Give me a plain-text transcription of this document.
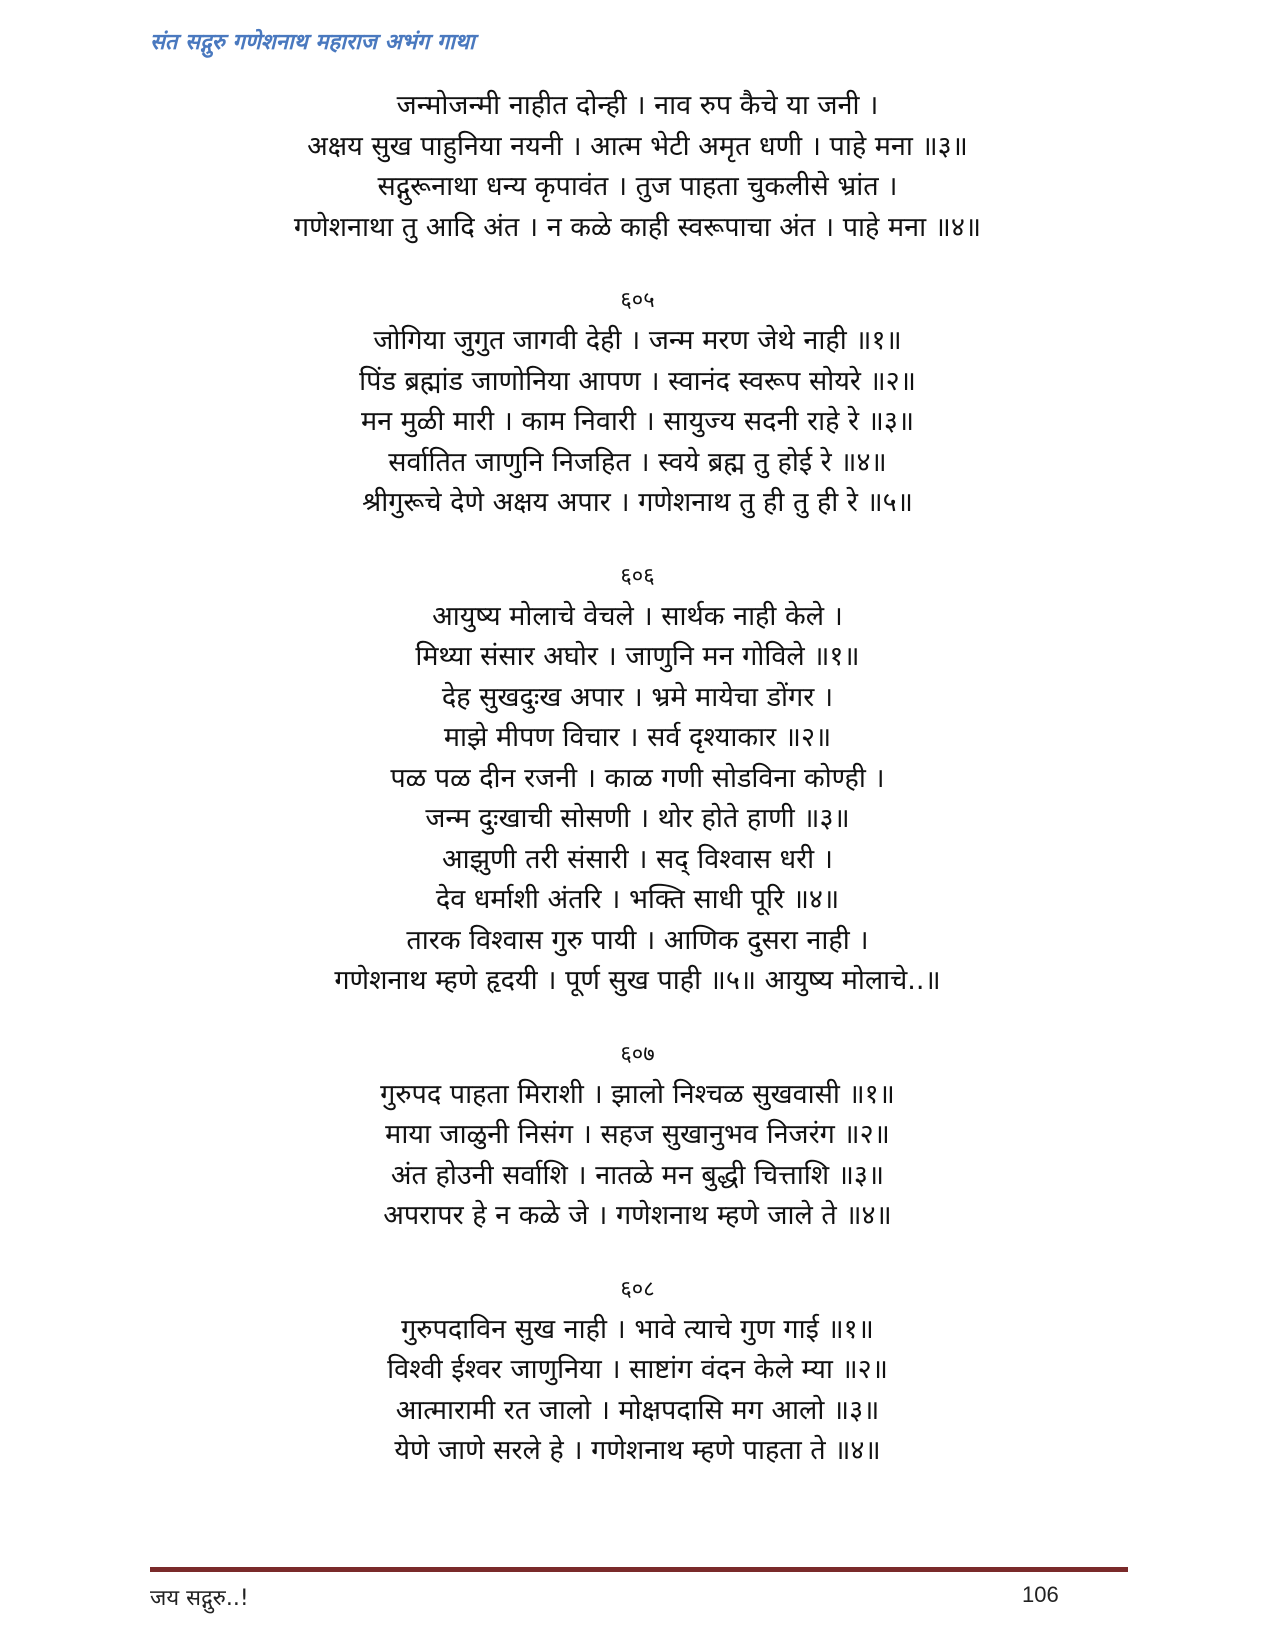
संत सद्गुरु गणेशनाथ महाराज अभंग गाथा
जन्मोजन्मी नाहीत दोन्ही । नाव रुप कैचे या जनी ।
अक्षय सुख पाहुनिया नयनी । आत्म भेटी अमृत धणी । पाहे मना ॥३॥
सद्गुरूनाथा धन्य कृपावंत । तुज पाहता चुकलीसे भ्रांत ।
गणेशनाथा तु आदि अंत । न कळे काही स्वरूपाचा अंत । पाहे मना ॥४॥
६०५
जोगिया जुगुत जागवी देही । जन्म मरण जेथे नाही ॥१॥
पिंड ब्रह्मांड जाणोनिया आपण । स्वानंद स्वरूप सोयरे ॥२॥
मन मुळी मारी । काम निवारी । सायुज्य सदनी राहे रे ॥३॥
सर्वातित जाणुनि निजहित । स्वये ब्रह्म तु होई रे ॥४॥
श्रीगुरूचे देणे अक्षय अपार । गणेशनाथ तु ही तु ही रे ॥५॥
६०६
आयुष्य मोलाचे वेचले । सार्थक नाही केले ।
मिथ्या संसार अघोर । जाणुनि मन गोविले ॥१॥
देह सुखदुःख अपार । भ्रमे मायेचा डोंगर ।
माझे मीपण विचार । सर्व दृश्याकार ॥२॥
पळ पळ दीन रजनी । काळ गणी सोडविना कोण्ही ।
जन्म दुःखाची सोसणी । थोर होते हाणी ॥३॥
आझुणी तरी संसारी । सद् विश्वास धरी ।
देव धर्माशी अंतरि । भक्ति साधी पूरि ॥४॥
तारक विश्वास गुरु पायी । आणिक दुसरा नाही ।
गणेशनाथ म्हणे हृदयी । पूर्ण सुख पाही ॥५॥ आयुष्य मोलाचे..॥
६०७
गुरुपद पाहता मिराशी । झालो निश्चळ सुखवासी ॥१॥
माया जाळुनी निसंग । सहज सुखानुभव निजरंग ॥२॥
अंत होउनी सर्वाशि । नातळे मन बुद्धी चित्ताशि ॥३॥
अपरापर हे न कळे जे । गणेशनाथ म्हणे जाले ते ॥४॥
६०८
गुरुपदाविन सुख नाही । भावे त्याचे गुण गाई ॥१॥
विश्वी ईश्वर जाणुनिया । साष्टांग वंदन केले म्या ॥२॥
आत्मारामी रत जालो । मोक्षपदासि मग आलो ॥३॥
येणे जाणे सरले हे । गणेशनाथ म्हणे पाहता ते ॥४॥
जय सद्गुरु..!	106
